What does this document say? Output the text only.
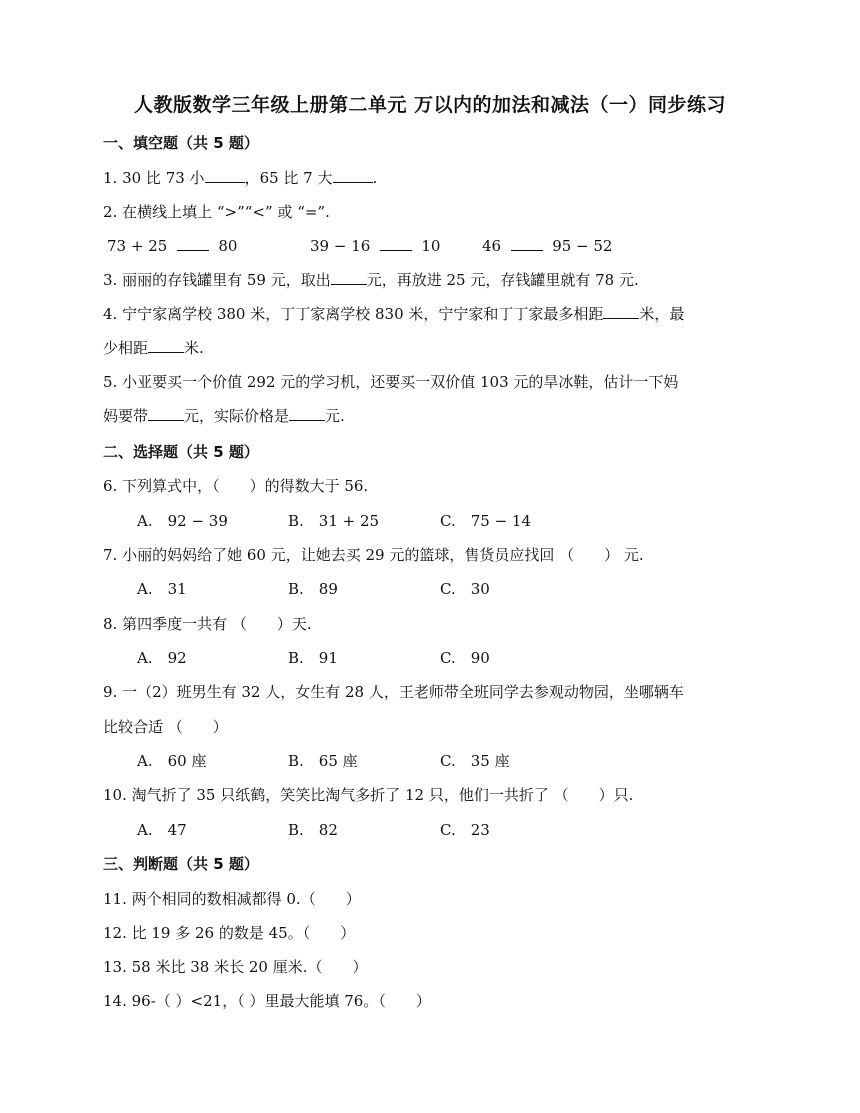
人教版数学三年级上册第二单元 万以内的加法和减法（一）同步练习
一、填空题（共 5 题）
1. 30 比 73 小	，65 比 7 大	.
2. 在横线上填上 “>”“<” 或 “=”.
73 + 25	80	39 − 16	10	46	95 − 52
3. 丽丽的存钱罐里有 59 元，取出 元，再放进 25 元，存钱罐里就有 78 元.
4. 宁宁家离学校 380 米，丁丁家离学校 830 米，宁宁家和丁丁家最多相距 米，最
少相距 米.
5. 小亚要买一个价值 292 元的学习机，还要买一双价值 103 元的旱冰鞋，估计一下妈
妈要带 元，实际价格是 元.
二、选择题（共 5 题）
6. 下列算式中，（　　）的得数大于 56.
A.　92 − 39	B.　31 + 25	C.　75 − 14
7. 小丽的妈妈给了她 60 元，让她去买 29 元的篮球，售货员应找回 （　　） 元.
A.　31	B.　89	C.　30
8. 第四季度一共有 （　　）天.
A.　92	B.　91	C.　90
9. 一（2）班男生有 32 人，女生有 28 人，王老师带全班同学去参观动物园，坐哪辆车
比较合适 （　　）
A.　60 座	B.　65 座	C.　35 座
10. 淘气折了 35 只纸鹤，笑笑比淘气多折了 12 只，他们一共折了 （　　）只.
A.　47	B.　82	C.　23
三、判断题（共 5 题）
11. 两个相同的数相减都得 0.（　　）
12. 比 19 多 26 的数是 45。（　　）
13. 58 米比 38 米长 20 厘米.（　　）
14. 96-（ ）<21，（ ）里最大能填 76。（　　）
